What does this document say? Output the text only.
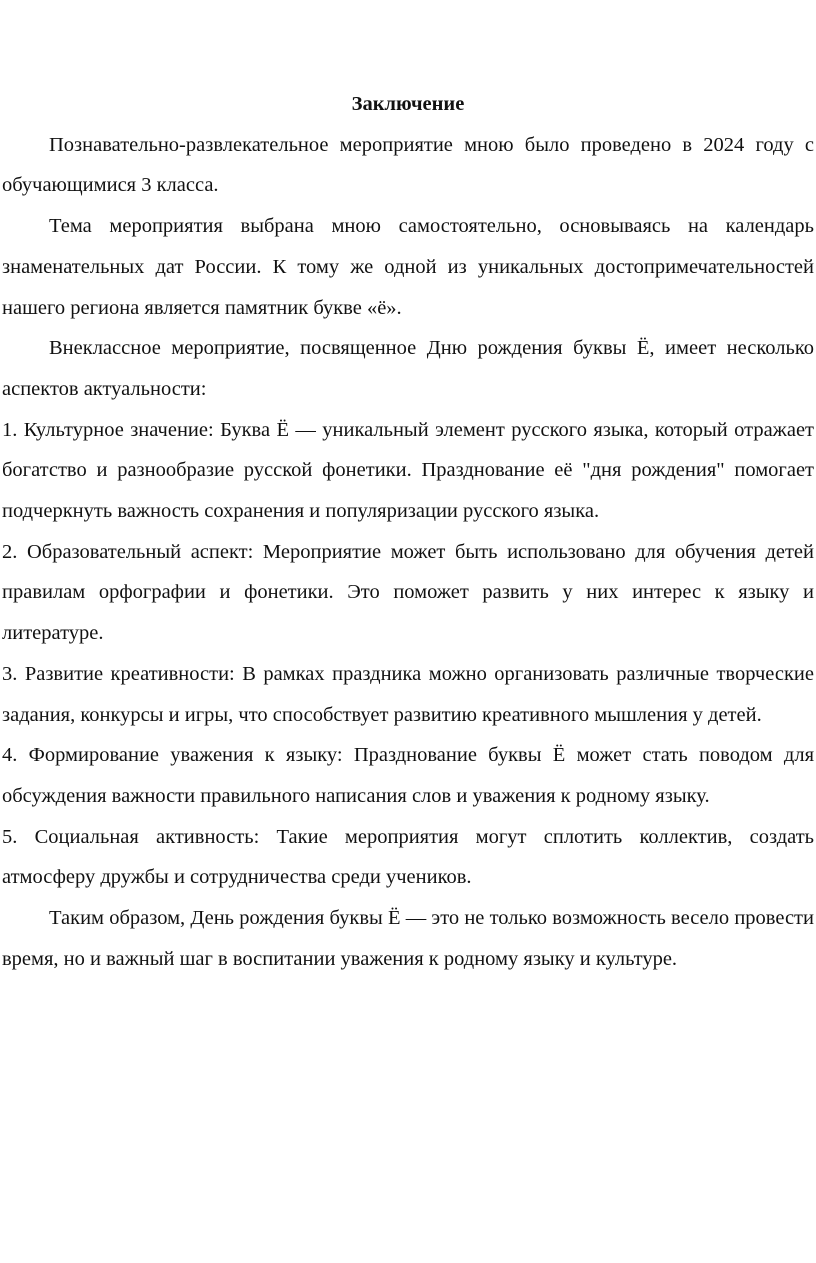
Заключение

Познавательно-развлекательное мероприятие мною было проведено в 2024 году с обучающимися 3 класса.

Тема мероприятия выбрана мною самостоятельно, основываясь на календарь знаменательных дат России. К тому же одной из уникальных достопримечательностей нашего региона является памятник букве «ё».

Внеклассное мероприятие, посвященное Дню рождения буквы Ё, имеет несколько аспектов актуальности:

1. Культурное значение: Буква Ё — уникальный элемент русского языка, который отражает богатство и разнообразие русской фонетики. Празднование её "дня рождения" помогает подчеркнуть важность сохранения и популяризации русского языка.

2. Образовательный аспект: Мероприятие может быть использовано для обучения детей правилам орфографии и фонетики. Это поможет развить у них интерес к языку и литературе.

3. Развитие креативности: В рамках праздника можно организовать различные творческие задания, конкурсы и игры, что способствует развитию креативного мышления у детей.

4. Формирование уважения к языку: Празднование буквы Ё может стать поводом для обсуждения важности правильного написания слов и уважения к родному языку.

5. Социальная активность: Такие мероприятия могут сплотить коллектив, создать атмосферу дружбы и сотрудничества среди учеников.

Таким образом, День рождения буквы Ё — это не только возможность весело провести время, но и важный шаг в воспитании уважения к родному языку и культуре.
